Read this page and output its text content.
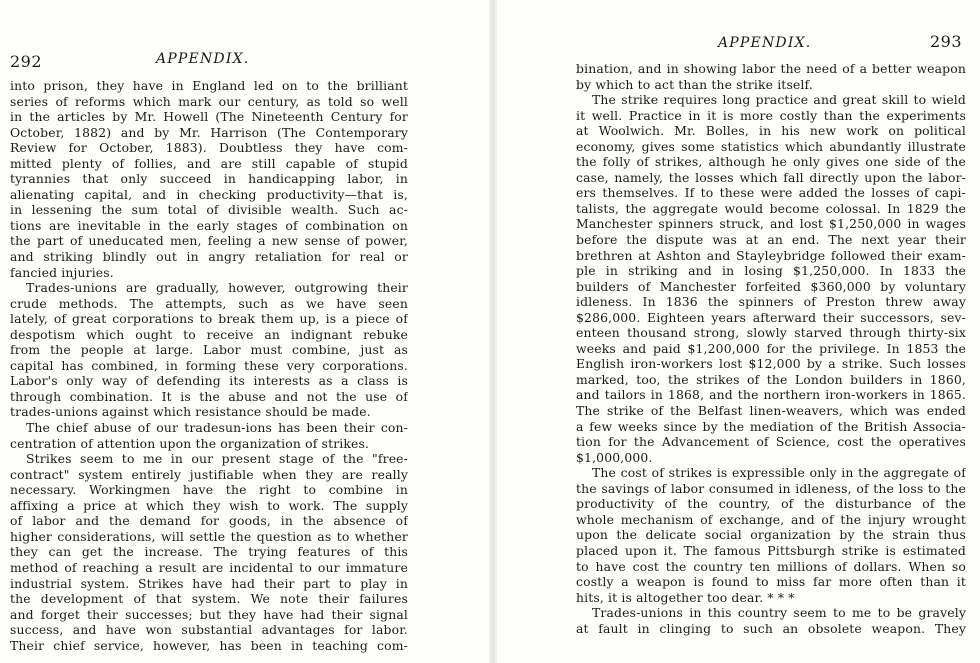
292	APPENDIX.
into prison, they have in England led on to the brilliant
series of reforms which mark our century, as told so well
in the articles by Mr. Howell (The Nineteenth Century for
October, 1882) and by Mr. Harrison (The Contemporary
Review for October, 1883). Doubtless they have com-
mitted plenty of follies, and are still capable of stupid
tyrannies that only succeed in handicapping labor, in
alienating capital, and in checking productivity—that is,
in lessening the sum total of divisible wealth. Such ac-
tions are inevitable in the early stages of combination on
the part of uneducated men, feeling a new sense of power,
and striking blindly out in angry retaliation for real or
fancied injuries.
Trades-unions are gradually, however, outgrowing their
crude methods. The attempts, such as we have seen
lately, of great corporations to break them up, is a piece of
despotism which ought to receive an indignant rebuke
from the people at large. Labor must combine, just as
capital has combined, in forming these very corporations.
Labor's only way of defending its interests as a class is
through combination. It is the abuse and not the use of
trades-unions against which resistance should be made.
The chief abuse of our tradesun-ions has been their con-
centration of attention upon the organization of strikes.
Strikes seem to me in our present stage of the "free-
contract" system entirely justifiable when they are really
necessary. Workingmen have the right to combine in
affixing a price at which they wish to work. The supply
of labor and the demand for goods, in the absence of
higher considerations, will settle the question as to whether
they can get the increase. The trying features of this
method of reaching a result are incidental to our immature
industrial system. Strikes have had their part to play in
the development of that system. We note their failures
and forget their successes; but they have had their signal
success, and have won substantial advantages for labor.
Their chief service, however, has been in teaching com-
APPENDIX.	293
bination, and in showing labor the need of a better weapon
by which to act than the strike itself.
The strike requires long practice and great skill to wield
it well. Practice in it is more costly than the experiments
at Woolwich. Mr. Bolles, in his new work on political
economy, gives some statistics which abundantly illustrate
the folly of strikes, although he only gives one side of the
case, namely, the losses which fall directly upon the labor-
ers themselves. If to these were added the losses of capi-
talists, the aggregate would become colossal. In 1829 the
Manchester spinners struck, and lost $1,250,000 in wages
before the dispute was at an end. The next year their
brethren at Ashton and Stayleybridge followed their exam-
ple in striking and in losing $1,250,000. In 1833 the
builders of Manchester forfeited $360,000 by voluntary
idleness. In 1836 the spinners of Preston threw away
$286,000. Eighteen years afterward their successors, sev-
enteen thousand strong, slowly starved through thirty-six
weeks and paid $1,200,000 for the privilege. In 1853 the
English iron-workers lost $12,000 by a strike. Such losses
marked, too, the strikes of the London builders in 1860,
and tailors in 1868, and the northern iron-workers in 1865.
The strike of the Belfast linen-weavers, which was ended
a few weeks since by the mediation of the British Associa-
tion for the Advancement of Science, cost the operatives
$1,000,000.
The cost of strikes is expressible only in the aggregate of
the savings of labor consumed in idleness, of the loss to the
productivity of the country, of the disturbance of the
whole mechanism of exchange, and of the injury wrought
upon the delicate social organization by the strain thus
placed upon it. The famous Pittsburgh strike is estimated
to have cost the country ten millions of dollars. When so
costly a weapon is found to miss far more often than it
hits, it is altogether too dear. * * *
Trades-unions in this country seem to me to be gravely
at fault in clinging to such an obsolete weapon. They
